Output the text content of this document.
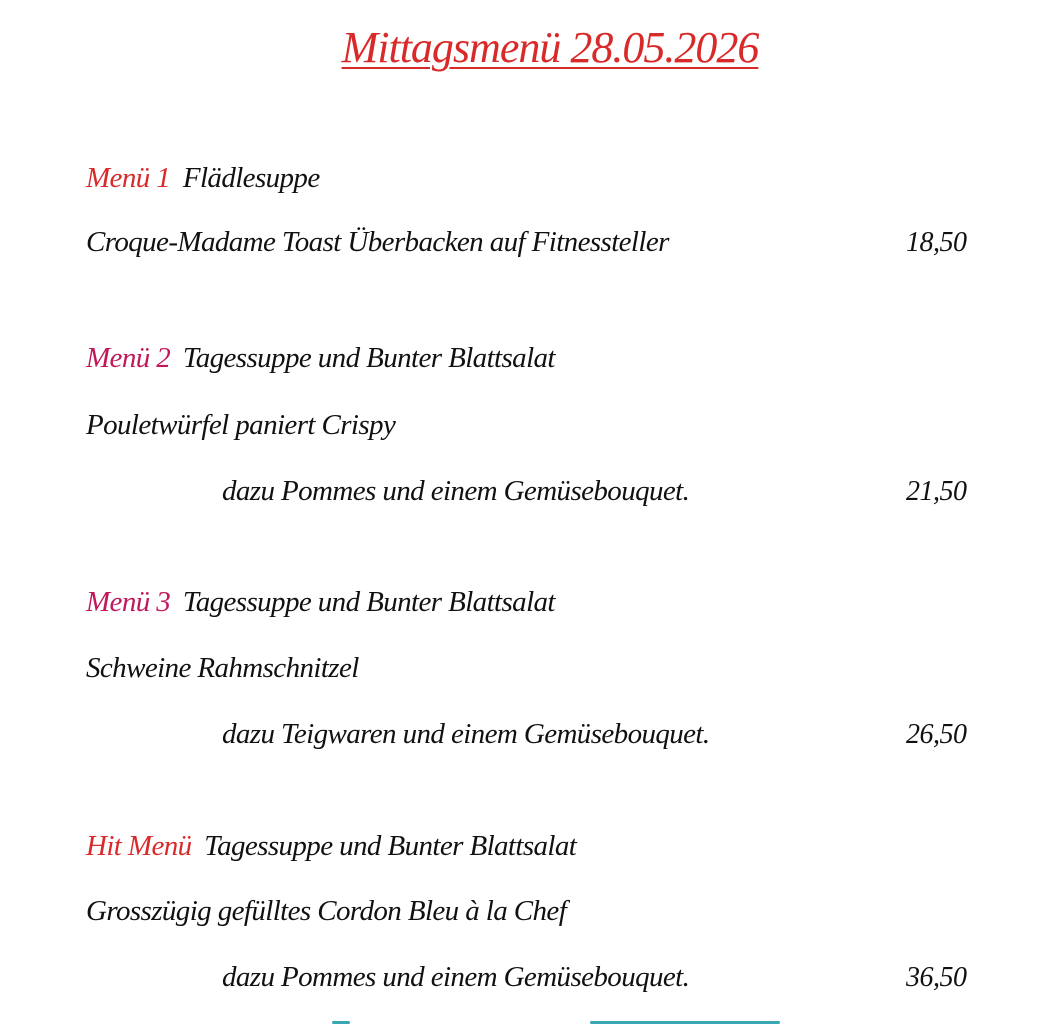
Mittagsmenü 28.05.2026
Menü 1 Flädlesuppe
Croque-Madame Toast Überbacken auf Fitnessteller	18,50
Menü 2 Tagessuppe und Bunter Blattsalat
Pouletwürfel paniert Crispy
dazu Pommes und einem Gemüsebouquet.	21,50
Menü 3 Tagessuppe und Bunter Blattsalat
Schweine Rahmschnitzel
dazu Teigwaren und einem Gemüsebouquet.	26,50
Hit Menü Tagessuppe und Bunter Blattsalat
Grosszügig gefülltes Cordon Bleu à la Chef
dazu Pommes und einem Gemüsebouquet.	36,50
